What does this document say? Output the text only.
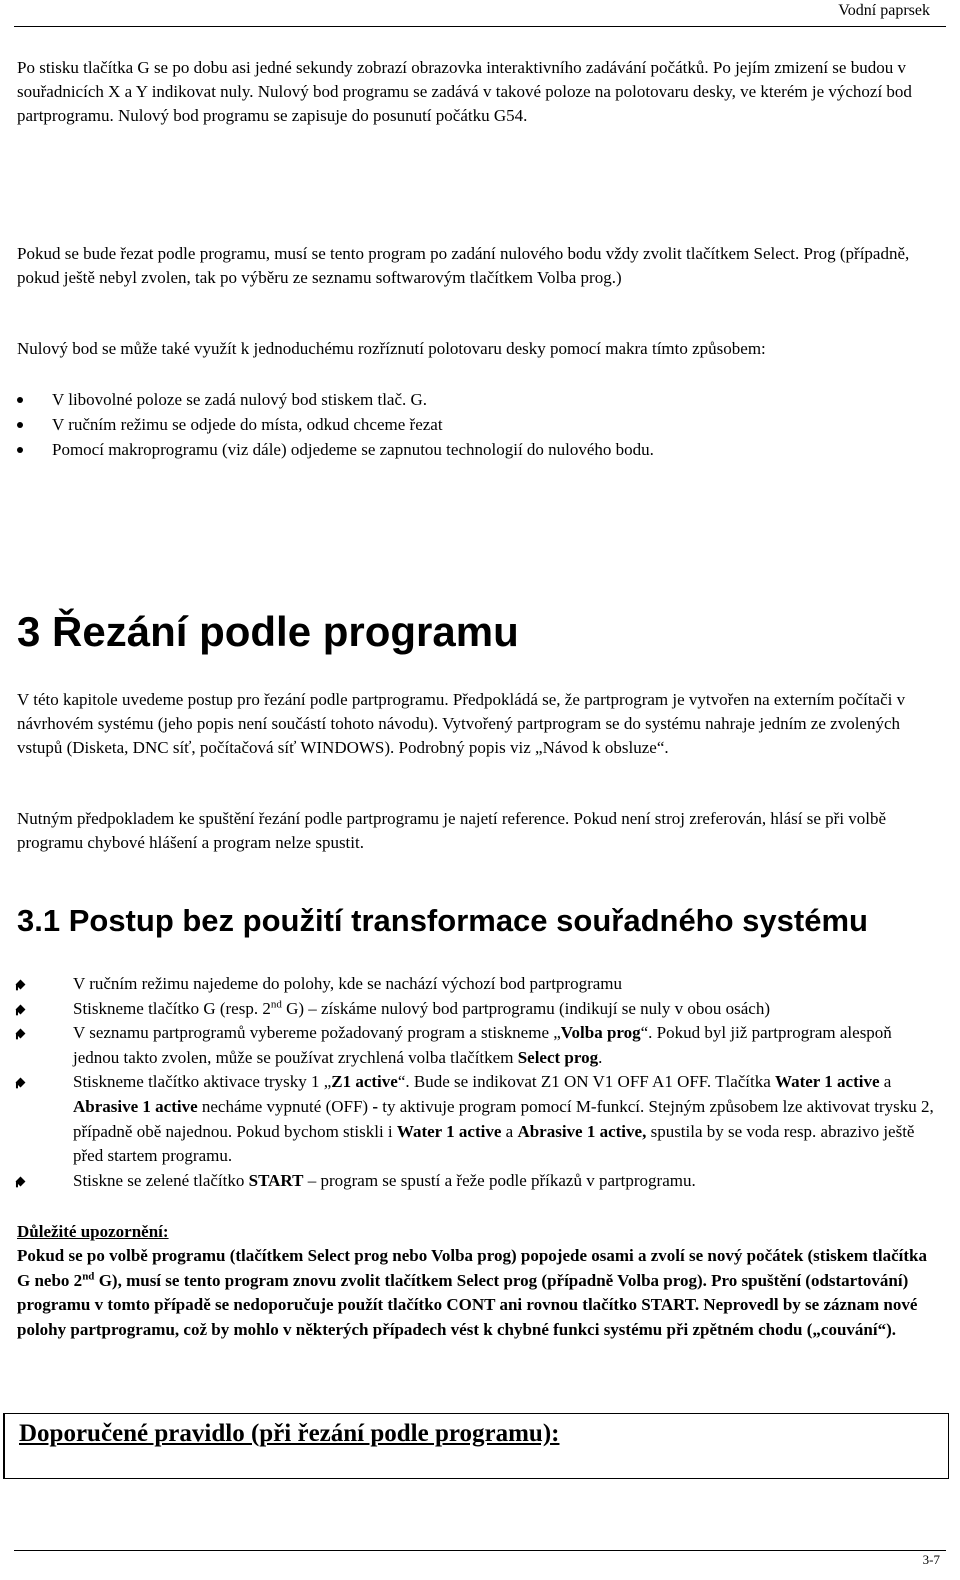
Vodní paprsek

Po stisku tlačítka G se po dobu asi jedné sekundy zobrazí obrazovka interaktivního zadávání počátků. Po jejím zmizení se budou v souřadnicích X a Y indikovat nuly. Nulový bod programu se zadává v takové poloze na polotovaru desky, ve kterém je výchozí bod partprogramu. Nulový bod programu se zapisuje do posunutí počátku G54.

Pokud se bude řezat podle programu, musí se tento program po zadání nulového bodu vždy zvolit tlačítkem Select. Prog (případně, pokud ještě nebyl zvolen, tak po výběru ze seznamu softwarovým tlačítkem Volba prog.)

Nulový bod se může také využít k jednoduchému rozříznutí polotovaru desky pomocí makra tímto způsobem:

V libovolné poloze se zadá nulový bod stiskem tlač. G.
V ručním režimu se odjede do místa, odkud chceme řezat
Pomocí makroprogramu (viz dále) odjedeme se zapnutou technologií do nulového bodu.
3 Řezání podle programu

V této kapitole uvedeme postup pro řezání podle partprogramu. Předpokládá se, že partprogram je vytvořen na externím počítači v návrhovém systému (jeho popis není součástí tohoto návodu). Vytvořený partprogram se do systému nahraje jedním ze zvolených vstupů (Disketa, DNC síť, počítačová síť WINDOWS). Podrobný popis viz „Návod k obsluze“.

Nutným předpokladem ke spuštění řezání podle partprogramu je najetí reference. Pokud není stroj zreferován, hlásí se při volbě programu chybové hlášení a program nelze spustit.

3.1 Postup bez použití transformace souřadného systému
V ručním režimu najedeme do polohy, kde se nachází výchozí bod partprogramu
Stiskneme tlačítko G (resp. 2nd G) – získáme nulový bod partprogramu (indikují se nuly v obou osách)
V seznamu partprogramů vybereme požadovaný program a stiskneme „Volba prog“. Pokud byl již partprogram alespoň jednou takto zvolen, může se používat zrychlená volba tlačítkem Select prog.
Stiskneme tlačítko aktivace trysky 1 „Z1 active“. Bude se indikovat Z1 ON V1 OFF A1 OFF. Tlačítka Water 1 active a Abrasive 1 active necháme vypnuté (OFF) - ty aktivuje program pomocí M-funkcí. Stejným způsobem lze aktivovat trysku 2, případně obě najednou. Pokud bychom stiskli i Water 1 active a Abrasive 1 active, spustila by se voda resp. abrazivo ještě před startem programu.
Stiskne se zelené tlačítko START – program se spustí a řeže podle příkazů v partprogramu.
Důležité upozornění:
Pokud se po volbě programu (tlačítkem Select prog nebo Volba prog) popojede osami a zvolí se nový počátek (stiskem tlačítka G nebo 2nd G), musí se tento program znovu zvolit tlačítkem Select prog (případně Volba prog). Pro spuštění (odstartování) programu v tomto případě se nedoporučuje použít tlačítko CONT ani rovnou tlačítko START. Neprovedl by se záznam nové polohy partprogramu, což by mohlo v některých případech vést k chybné funkci systému při zpětném chodu („couvání“).
Doporučené pravidlo (při řezání podle programu):
3-7
